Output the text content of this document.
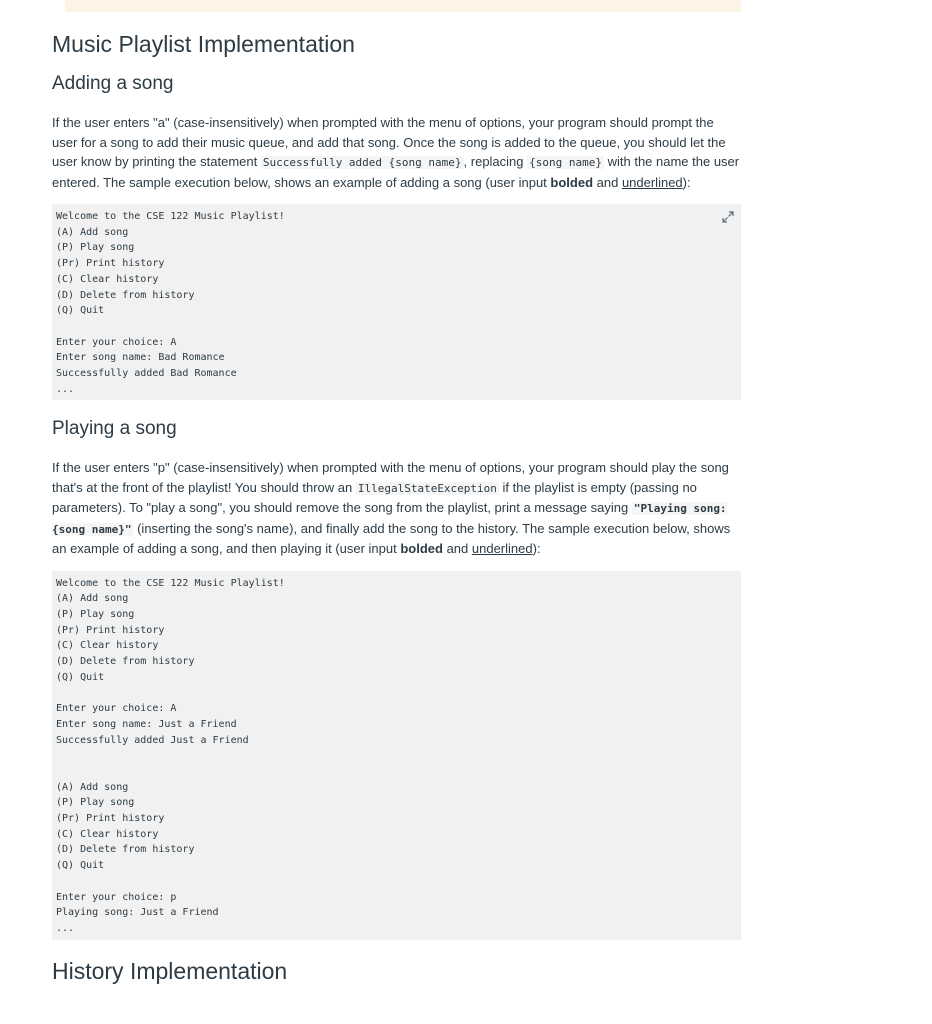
Music Playlist Implementation
Adding a song

If the user enters "a" (case-insensitively) when prompted with the menu of options, your program should prompt the user for a song to add their music queue, and add that song. Once the song is added to the queue, you should let the user know by printing the statement Successfully added {song name} , replacing {song name} with the name the user entered. The sample execution below, shows an example of adding a song (user input bolded and underlined):

Welcome to the CSE 122 Music Playlist!
(A) Add song
(P) Play song
(Pr) Print history
(C) Clear history
(D) Delete from history
(Q) Quit

Enter your choice: A
Enter song name: Bad Romance
Successfully added Bad Romance
...
Playing a song

If the user enters "p" (case-insensitively) when prompted with the menu of options, your program should play the song that's at the front of the playlist! You should throw an IllegalStateException if the playlist is empty (passing no parameters). To "play a song", you should remove the song from the playlist, print a message saying "Playing song: {song name}" (inserting the song's name), and finally add the song to the history. The sample execution below, shows an example of adding a song, and then playing it (user input bolded and underlined):

Welcome to the CSE 122 Music Playlist!
(A) Add song
(P) Play song
(Pr) Print history
(C) Clear history
(D) Delete from history
(Q) Quit

Enter your choice: A
Enter song name: Just a Friend
Successfully added Just a Friend

(A) Add song
(P) Play song
(Pr) Print history
(C) Clear history
(D) Delete from history
(Q) Quit

Enter your choice: p
Playing song: Just a Friend
...
History Implementation
